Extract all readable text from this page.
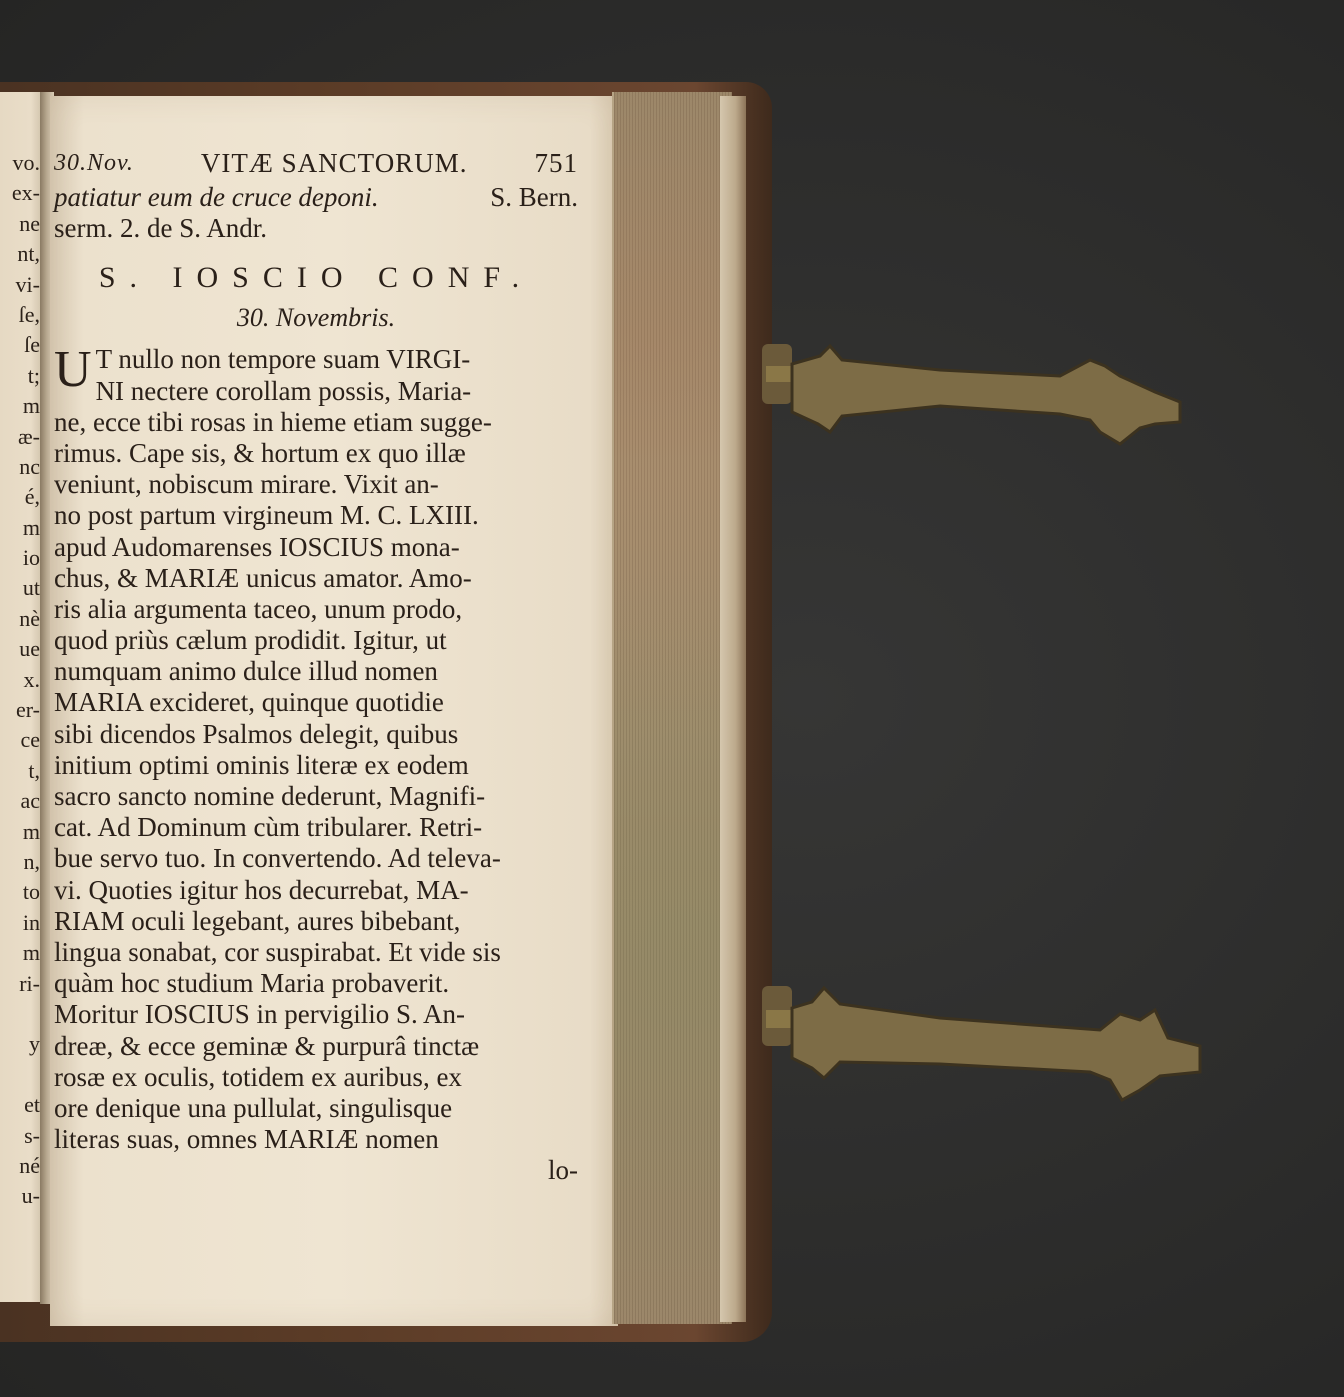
vo.
ex-
ne
nt,
vi-
ſe,
ſe
t;
m
æ-
nc
é,
m
io
ut
nè
ue
x.
er-
ce
t,
ac
m
n,
to
in
m
ri-
y
et
s-
né
u-
30.Nov. VITÆ SANCTORUM. 751
patiatur eum de cruce deponi.	S. Bern.
serm. 2. de S. Andr.
S. IOSCIO CONF.
30. Novembris.
U T nullo non tempore suam VIRGI-
NI nectere corollam possis, Maria-
ne, ecce tibi rosas in hieme etiam sugge-
rimus. Cape sis, & hortum ex quo illæ
veniunt, nobiscum mirare. Vixit an-
no post partum virgineum M. C. LXIII.
apud Audomarenses IOSCIUS mona-
chus, & MARIÆ unicus amator. Amo-
ris alia argumenta taceo, unum prodo,
quod priùs cælum prodidit. Igitur, ut
numquam animo dulce illud nomen
MARIA excideret, quinque quotidie
sibi dicendos Psalmos delegit, quibus
initium optimi ominis literæ ex eodem
sacro sancto nomine dederunt, Magnifi-
cat. Ad Dominum cùm tribularer. Retri-
bue servo tuo. In convertendo. Ad televa-
vi. Quoties igitur hos decurrebat, MA-
RIAM oculi legebant, aures bibebant,
lingua sonabat, cor suspirabat. Et vide sis
quàm hoc studium Maria probaverit.
Moritur IOSCIUS in pervigilio S. An-
dreæ, & ecce geminæ & purpurâ tinctæ
rosæ ex oculis, totidem ex auribus, ex
ore denique una pullulat, singulisque
literas suas, omnes MARIÆ nomen
lo-
